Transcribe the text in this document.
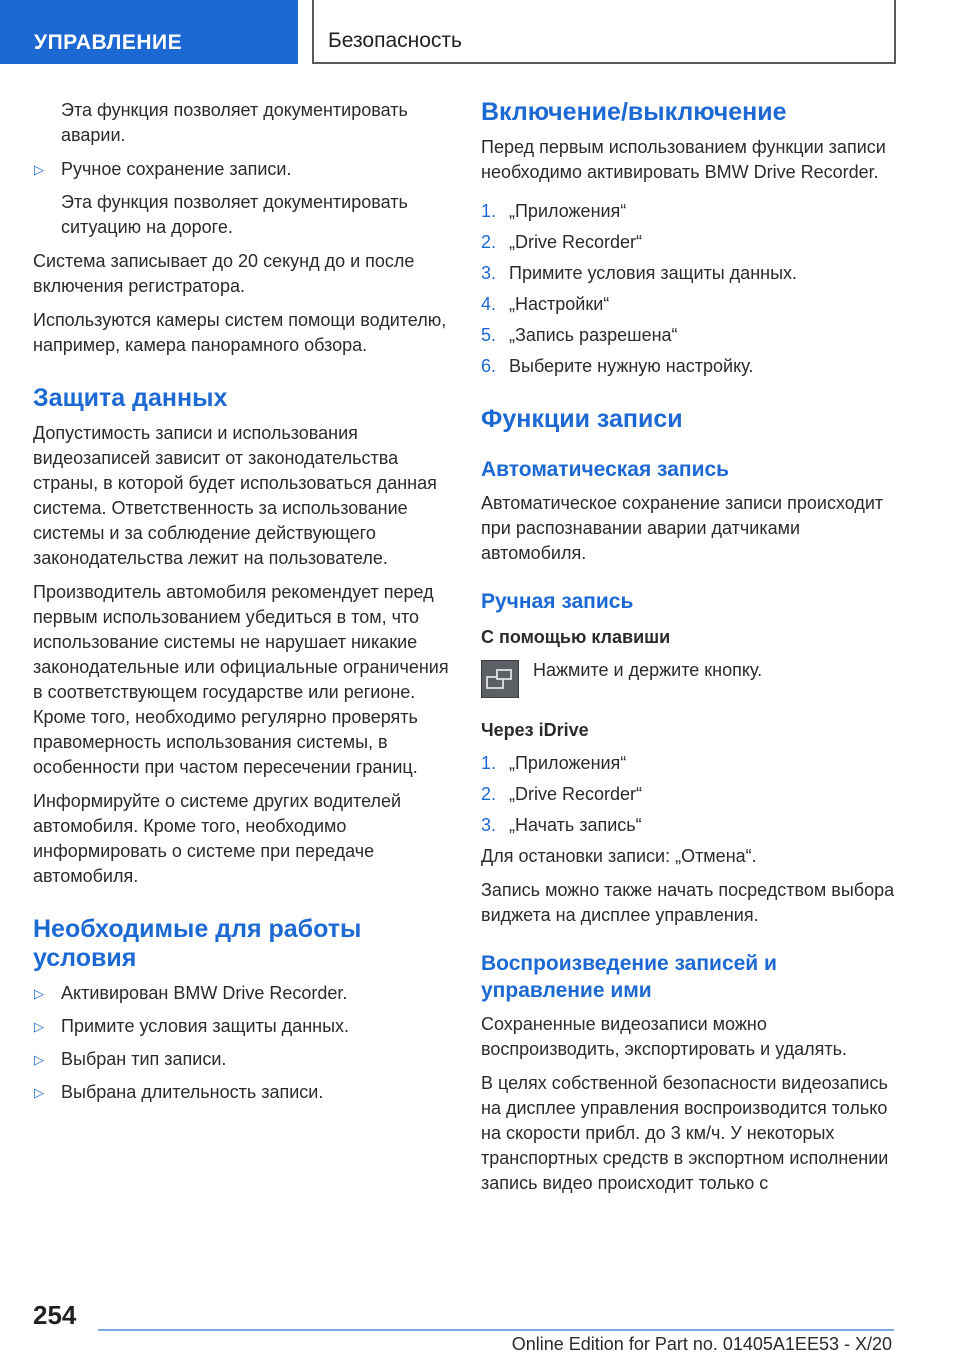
УПРАВЛЕНИЕ	Безопасность

Эта функция позволяет документировать аварии.

▷ Ручное сохранение записи.

Эта функция позволяет документировать ситуацию на дороге.

Система записывает до 20 секунд до и после включения регистратора.

Используются камеры систем помощи водителю, например, камера панорамного обзора.

Защита данных

Допустимость записи и использования видеозаписей зависит от законодательства страны, в которой будет использоваться данная система. Ответственность за использование системы и за соблюдение действующего законодательства лежит на пользователе.

Производитель автомобиля рекомендует перед первым использованием убедиться в том, что использование системы не нарушает никакие законодательные или официальные ограничения в соответствующем государстве или регионе. Кроме того, необходимо регулярно проверять правомерность использования системы, в особенности при частом пересечении границ.

Информируйте о системе других водителей автомобиля. Кроме того, необходимо информировать о системе при передаче автомобиля.

Необходимые для работы условия
▷ Активирован BMW Drive Recorder.
▷ Примите условия защиты данных.
▷ Выбран тип записи.
▷ Выбрана длительность записи.
Включение/выключение

Перед первым использованием функции записи необходимо активировать BMW Drive Recorder.

1. „Приложения“
2. „Drive Recorder“
3. Примите условия защиты данных.
4. „Настройки“
5. „Запись разрешена“
6. Выберите нужную настройку.
Функции записи
Автоматическая запись

Автоматическое сохранение записи происходит при распознавании аварии датчиками автомобиля.

Ручная запись
С помощью клавиши

Нажмите и держите кнопку.

Через iDrive
1. „Приложения“
2. „Drive Recorder“
3. „Начать запись“

Для остановки записи: „Отмена“.

Запись можно также начать посредством выбора виджета на дисплее управления.

Воспроизведение записей и управление ими

Сохраненные видеозаписи можно воспроизводить, экспортировать и удалять.

В целях собственной безопасности видеозапись на дисплее управления воспроизводится только на скорости прибл. до 3 км/ч. У некоторых транспортных средств в экспортном исполнении запись видео происходит только с

254
Online Edition for Part no. 01405A1EE53 - X/20
